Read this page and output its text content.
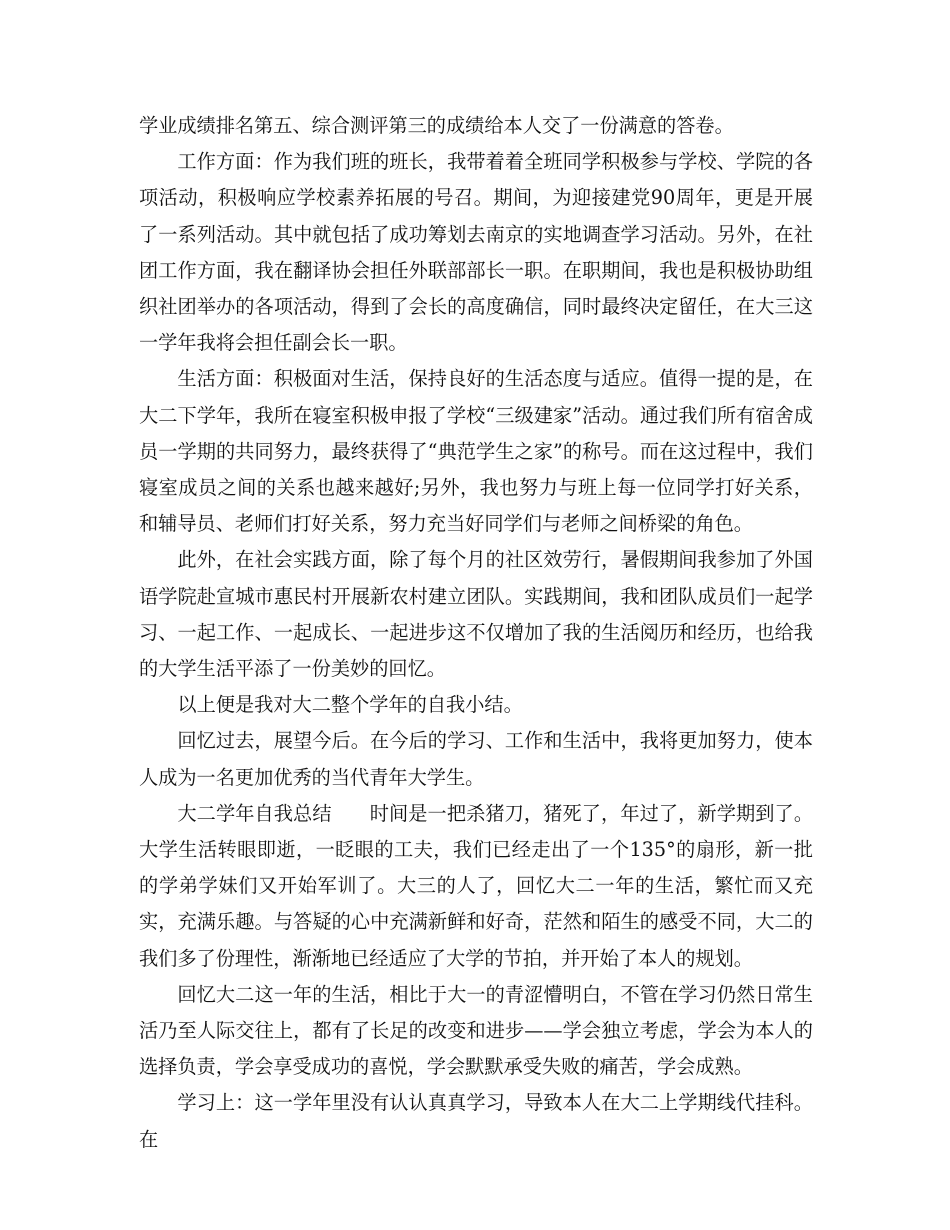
学业成绩排名第五、综合测评第三的成绩给本人交了一份满意的答卷。

工作方面：作为我们班的班长，我带着着全班同学积极参与学校、学院的各项活动，积极响应学校素养拓展的号召。期间，为迎接建党90周年，更是开展了一系列活动。其中就包括了成功筹划去南京的实地调查学习活动。另外，在社团工作方面，我在翻译协会担任外联部部长一职。在职期间，我也是积极协助组织社团举办的各项活动，得到了会长的高度确信，同时最终决定留任，在大三这一学年我将会担任副会长一职。

生活方面：积极面对生活，保持良好的生活态度与适应。值得一提的是，在大二下学年，我所在寝室积极申报了学校“三级建家”活动。通过我们所有宿舍成员一学期的共同努力，最终获得了“典范学生之家”的称号。而在这过程中，我们寝室成员之间的关系也越来越好;另外，我也努力与班上每一位同学打好关系，和辅导员、老师们打好关系，努力充当好同学们与老师之间桥梁的角色。

此外，在社会实践方面，除了每个月的社区效劳行，暑假期间我参加了外国语学院赴宣城市惠民村开展新农村建立团队。实践期间，我和团队成员们一起学习、一起工作、一起成长、一起进步这不仅增加了我的生活阅历和经历，也给我的大学生活平添了一份美妙的回忆。

以上便是我对大二整个学年的自我小结。

回忆过去，展望今后。在今后的学习、工作和生活中，我将更加努力，使本人成为一名更加优秀的当代青年大学生。

大二学年自我总结 时间是一把杀猪刀，猪死了，年过了，新学期到了。大学生活转眼即逝，一眨眼的工夫，我们已经走出了一个135°的扇形，新一批的学弟学妹们又开始军训了。大三的人了，回忆大二一年的生活，繁忙而又充实，充满乐趣。与答疑的心中充满新鲜和好奇，茫然和陌生的感受不同，大二的我们多了份理性，渐渐地已经适应了大学的节拍，并开始了本人的规划。

回忆大二这一年的生活，相比于大一的青涩懵明白，不管在学习仍然日常生活乃至人际交往上，都有了长足的改变和进步——学会独立考虑，学会为本人的选择负责，学会享受成功的喜悦，学会默默承受失败的痛苦，学会成熟。

学习上：这一学年里没有认认真真学习，导致本人在大二上学期线代挂科。在
